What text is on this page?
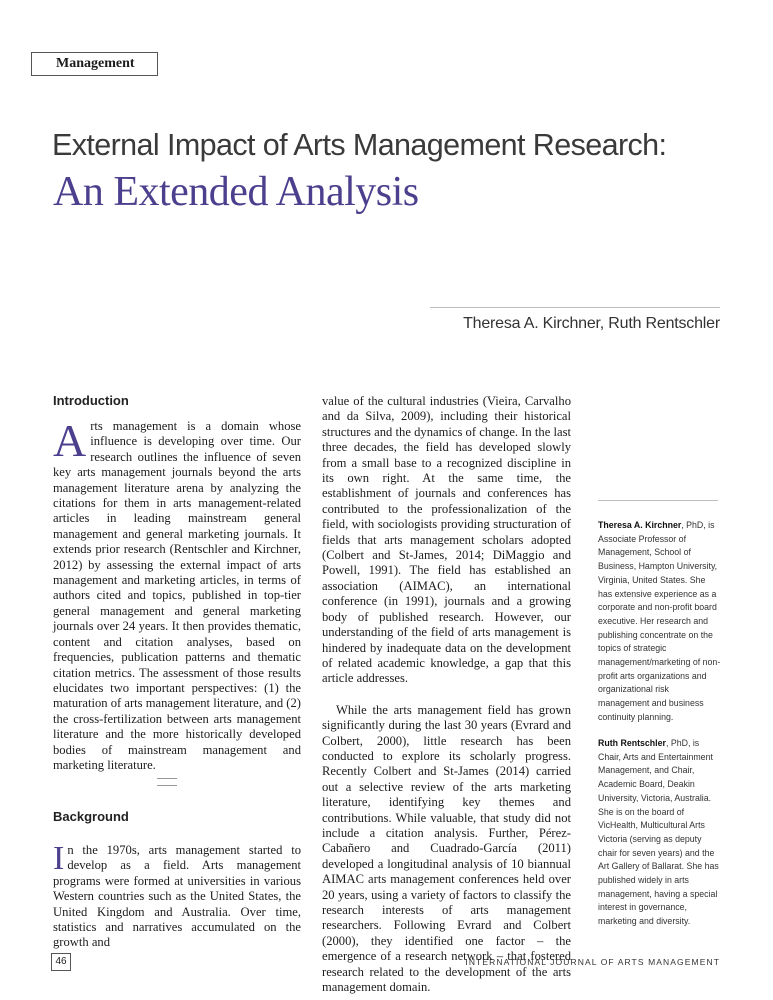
Management
External Impact of Arts Management Research:
An Extended Analysis
Theresa A. Kirchner, Ruth Rentschler
Introduction
Arts management is a domain whose influence is developing over time. Our research outlines the influence of seven key arts management journals beyond the arts management literature arena by analyzing the citations for them in arts management-related articles in leading mainstream general management and general marketing journals. It extends prior research (Rentschler and Kirchner, 2012) by assessing the external impact of arts management and marketing articles, in terms of authors cited and topics, published in top-tier general management and general marketing journals over 24 years. It then provides thematic, content and citation analyses, based on frequencies, publication patterns and thematic citation metrics. The assessment of those results elucidates two important perspectives: (1) the maturation of arts management literature, and (2) the cross-fertilization between arts management literature and the more historically developed bodies of mainstream management and marketing literature.
Background
In the 1970s, arts management started to develop as a field. Arts management programs were formed at universities in various Western countries such as the United States, the United Kingdom and Australia. Over time, statistics and narratives accumulated on the growth and

value of the cultural industries (Vieira, Carvalho and da Silva, 2009), including their historical structures and the dynamics of change. In the last three decades, the field has developed slowly from a small base to a recognized discipline in its own right. At the same time, the establishment of journals and conferences has contributed to the professionalization of the field, with sociologists providing structuration of fields that arts management scholars adopted (Colbert and St-James, 2014; DiMaggio and Powell, 1991). The field has established an association (AIMAC), an international conference (in 1991), journals and a growing body of published research. However, our understanding of the field of arts management is hindered by inadequate data on the development of related academic knowledge, a gap that this article addresses.

While the arts management field has grown significantly during the last 30 years (Evrard and Colbert, 2000), little research has been conducted to explore its scholarly progress. Recently Colbert and St-James (2014) carried out a selective review of the arts marketing literature, identifying key themes and contributions. While valuable, that study did not include a citation analysis. Further, Pérez-Cabañero and Cuadrado-García (2011) developed a longitudinal analysis of 10 biannual AIMAC arts management conferences held over 20 years, using a variety of factors to classify the research interests of arts management researchers. Following Evrard and Colbert (2000), they identified one factor – the emergence of a research network – that fostered research related to the development of the arts management domain.

Theresa A. Kirchner, PhD, is Associate Professor of Management, School of Business, Hampton University, Virginia, United States. She has extensive experience as a corporate and non-profit board executive. Her research and publishing concentrate on the topics of strategic management/marketing of non-profit arts organizations and organizational risk management and business continuity planning.
Ruth Rentschler, PhD, is Chair, Arts and Entertainment Management, and Chair, Academic Board, Deakin University, Victoria, Australia. She is on the board of VicHealth, Multicultural Arts Victoria (serving as deputy chair for seven years) and the Art Gallery of Ballarat. She has published widely in arts management, having a special interest in governance, marketing and diversity.
46	INTERNATIONAL JOURNAL OF ARTS MANAGEMENT
